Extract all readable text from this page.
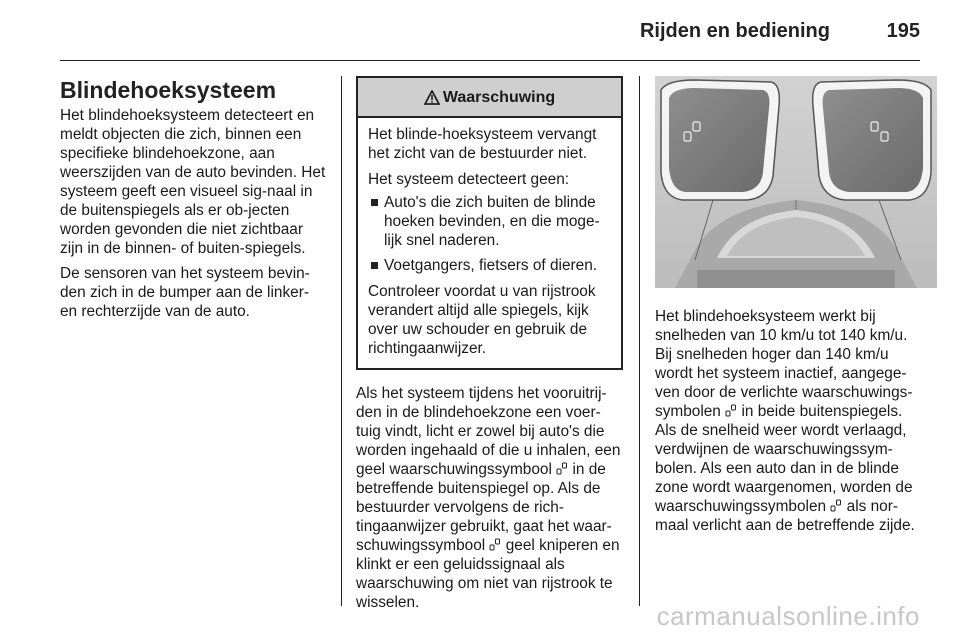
Rijden en bediening	195
Blindehoeksysteem

Het blindehoeksysteem detecteert en meldt objecten die zich, binnen een specifieke blindehoekzone, aan weerszijden van de auto bevinden. Het systeem geeft een visueel sig-naal in de buitenspiegels als er ob-jecten worden gevonden die niet zichtbaar zijn in de binnen- of buiten-spiegels.

De sensoren van het systeem bevin-den zich in de bumper aan de linker- en rechterzijde van de auto.

Waarschuwing

Het blinde-hoeksysteem vervangt het zicht van de bestuurder niet.

Het systeem detecteert geen:

Auto's die zich buiten de blinde hoeken bevinden, en die moge-lijk snel naderen.
Voetgangers, fietsers of dieren.

Controleer voordat u van rijstrook verandert altijd alle spiegels, kijk over uw schouder en gebruik de richtingaanwijzer.

Als het systeem tijdens het vooruitrij-den in de blindehoekzone een voer-tuig vindt, licht er zowel bij auto's die worden ingehaald of die u inhalen, een geel waarschuwingssymbool in de betreffende buitenspiegel op. Als de bestuurder vervolgens de rich-tingaanwijzer gebruikt, gaat het waar-schuwingssymbool geel kniperen en klinkt er een geluidssignaal als waarschuwing om niet van rijstrook te wisselen.

Het blindehoeksysteem werkt bij snelheden van 10 km/u tot 140 km/u. Bij snelheden hoger dan 140 km/u wordt het systeem inactief, aangege-ven door de verlichte waarschuwings-symbolen in beide buitenspiegels. Als de snelheid weer wordt verlaagd, verdwijnen de waarschuwingssym-bolen. Als een auto dan in de blinde zone wordt waargenomen, worden de waarschuwingssymbolen als nor-maal verlicht aan de betreffende zijde.

carmanualsonline.info
